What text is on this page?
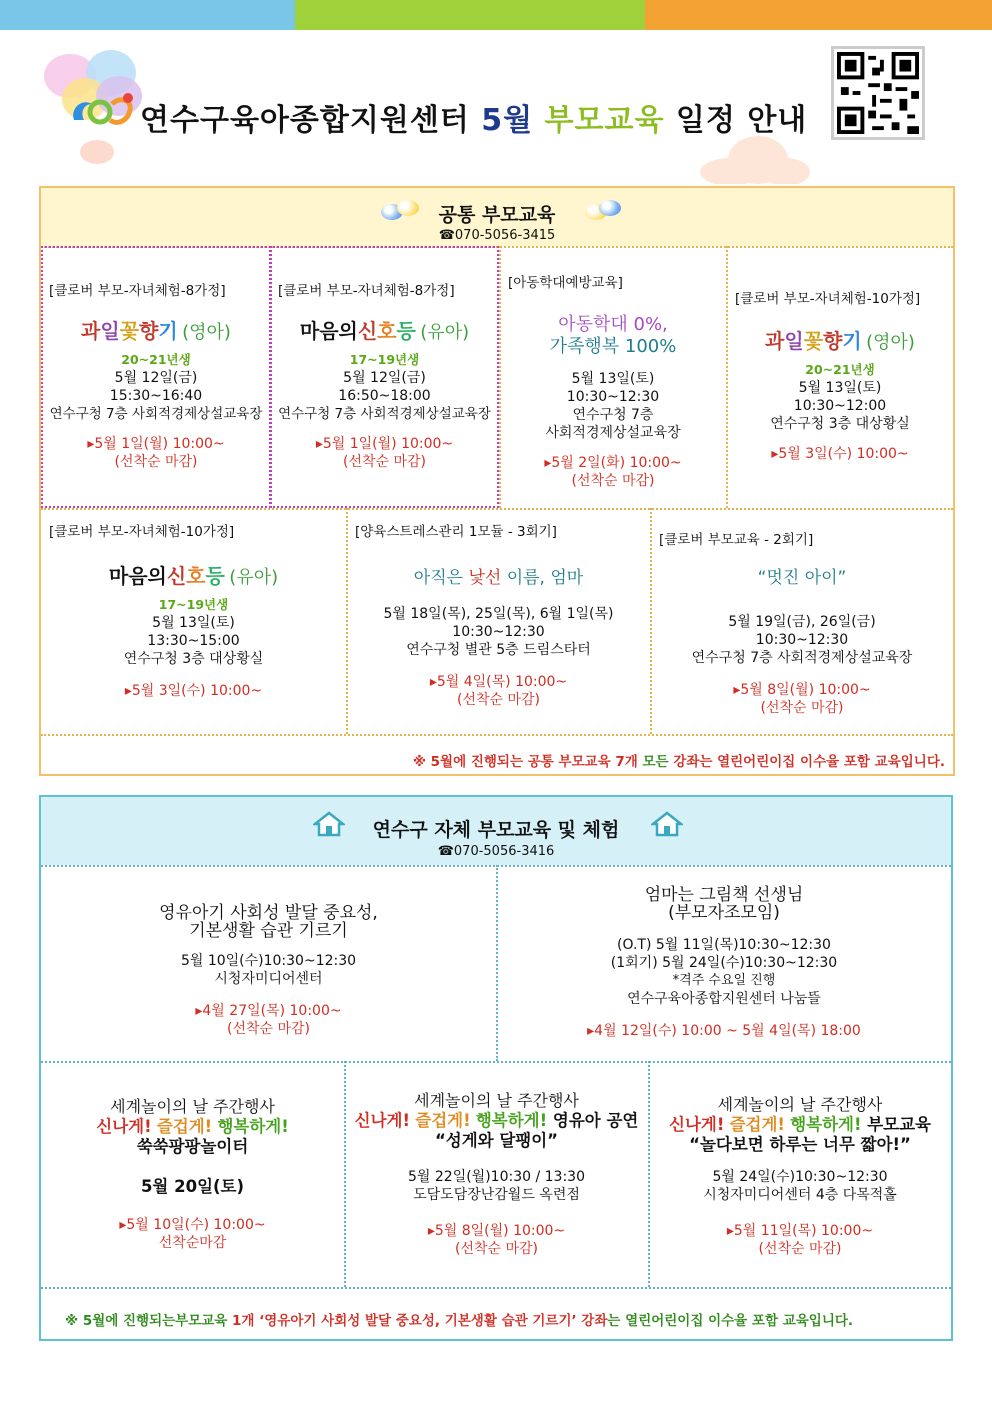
연수구육아종합지원센터 5월 부모교육 일정 안내
공통 부모교육
☎070-5056-3415
[클로버 부모-자녀체험-8가정]

과일꽃향기 (영아)

20~21년생

5월 12일(금)

15:30~16:40

연수구청 7층 사회적경제상설교육장

▸5월 1일(월) 10:00~

(선착순 마감)

[클로버 부모-자녀체험-8가정]

마음의신호등 (유아)

17~19년생

5월 12일(금)

16:50~18:00

연수구청 7층 사회적경제상설교육장

▸5월 1일(월) 10:00~

(선착순 마감)

[아동학대예방교육]

아동학대 0%,

가족행복 100%

5월 13일(토)

10:30~12:30

연수구청 7층

사회적경제상설교육장

▸5월 2일(화) 10:00~

(선착순 마감)

[클로버 부모-자녀체험-10가정]

과일꽃향기 (영아)

20~21년생

5월 13일(토)

10:30~12:00

연수구청 3층 대상황실

▸5월 3일(수) 10:00~

[클로버 부모-자녀체험-10가정]

마음의신호등 (유아)

17~19년생

5월 13일(토)

13:30~15:00

연수구청 3층 대상황실

▸5월 3일(수) 10:00~

[양육스트레스관리 1모듈 - 3회기]

아직은 낯선 이름, 엄마

5월 18일(목), 25일(목), 6월 1일(목)

10:30~12:30

연수구청 별관 5층 드림스타터

▸5월 4일(목) 10:00~

(선착순 마감)

[클로버 부모교육 - 2회기]

“멋진 아이”

5월 19일(금), 26일(금)

10:30~12:30

연수구청 7층 사회적경제상설교육장

▸5월 8일(월) 10:00~

(선착순 마감)

※ 5월에 진행되는 공통 부모교육 7개 모든 강좌는 열린어린이집 이수율 포함 교육입니다.
연수구 자체 부모교육 및 체험
☎070-5056-3416

영유아기 사회성 발달 중요성,

기본생활 습관 기르기

5월 10일(수)10:30~12:30

시청자미디어센터

▸4월 27일(목) 10:00~

(선착순 마감)

엄마는 그림책 선생님

(부모자조모임)

(O.T) 5월 11일(목)10:30~12:30

(1회기) 5월 24일(수)10:30~12:30

*격주 수요일 진행

연수구육아종합지원센터 나눔뜰

▸4월 12일(수) 10:00 ~ 5월 4일(목) 18:00

세계놀이의 날 주간행사

신나게! 즐겁게! 행복하게!

쑥쑥팡팡놀이터

5월 20일(토)

▸5월 10일(수) 10:00~

선착순마감

세계놀이의 날 주간행사

신나게! 즐겁게! 행복하게! 영유아 공연

“성게와 달팽이”

5월 22일(월)10:30 / 13:30

도담도담장난감월드 옥련점

▸5월 8일(월) 10:00~

(선착순 마감)

세계놀이의 날 주간행사

신나게! 즐겁게! 행복하게! 부모교육

“놀다보면 하루는 너무 짧아!”

5월 24일(수)10:30~12:30

시청자미디어센터 4층 다목적홀

▸5월 11일(목) 10:00~

(선착순 마감)

※ 5월에 진행되는부모교육 1개 ‘영유아기 사회성 발달 중요성, 기본생활 습관 기르기’ 강좌는 열린어린이집 이수율 포함 교육입니다.
